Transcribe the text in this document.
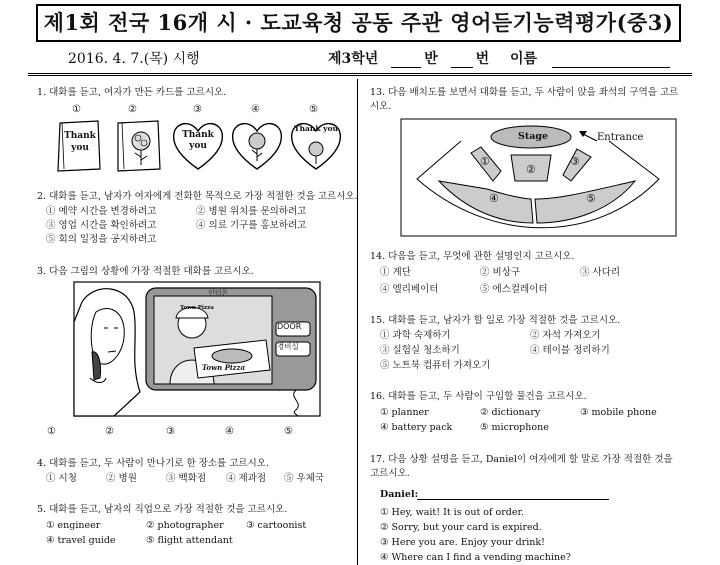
제1회 전국 16개 시 · 도교육청 공동 주관 영어듣기능력평가(중3)
2016. 4. 7.(목) 시행	제3학년	반	번 이름
1. 대화를 듣고, 여자가 만든 카드를 고르시오.
①	②	③	④	⑤
Thank you
Thank you
Thank you
2. 대화를 듣고, 남자가 여자에게 전화한 목적으로 가장 적절한 것을 고르시오.
① 예약 시간을 변경하려고	② 병원 위치를 문의하려고
③ 영업 시간을 확인하려고	④ 의료 기구를 홍보하려고
⑤ 회의 일정을 공지하려고
3. 다음 그림의 상황에 가장 적절한 대화를 고르시오.
인터폰
DOOR
경비실
Town Pizza
Town Pizza
①	②	③	④	⑤
4. 대화를 듣고, 두 사람이 만나기로 한 장소를 고르시오.
① 시청	② 병원	③ 백화점 ④ 제과점 ⑤ 우체국
5. 대화를 듣고, 남자의 직업으로 가장 적절한 것을 고르시오.
① engineer	② photographer ③ cartoonist
④ travel guide	⑤ flight attendant
13. 다음 배치도를 보면서 대화를 듣고, 두 사람이 앉을 좌석의 구역을 고르
시오.
Stage	Entrance
①
②
③
④	⑤
14. 다음을 듣고, 무엇에 관한 설명인지 고르시오.
① 계단	② 비상구	③ 사다리
④ 엘리베이터	⑤ 에스컬레이터
15. 대화를 듣고, 남자가 할 일로 가장 적절한 것을 고르시오.
① 과학 숙제하기	② 자석 가져오기
③ 실험실 청소하기	④ 테이블 정리하기
⑤ 노트북 컴퓨터 가져오기
16. 대화를 듣고, 두 사람이 구입할 물건을 고르시오.
① planner	② dictionary	③ mobile phone
④ battery pack	⑤ microphone
17. 다음 상황 설명을 듣고, Daniel이 여자에게 할 말로 가장 적절한 것을
고르시오.
Daniel:
① Hey, wait! It is out of order.
② Sorry, but your card is expired.
③ Here you are. Enjoy your drink!
④ Where can I find a vending machine?
